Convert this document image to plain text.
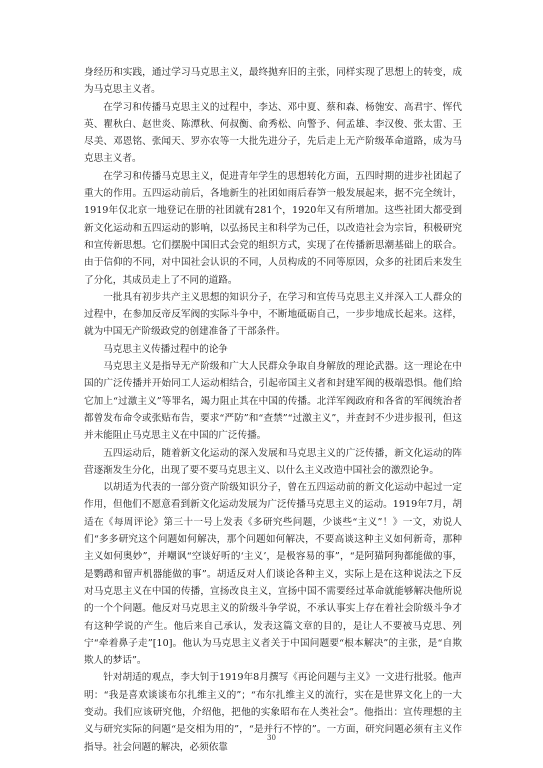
身经历和实践，通过学习马克思主义，最终抛弃旧的主张，同样实现了思想上的转变，成为马克思主义者。

在学习和传播马克思主义的过程中，李达、邓中夏、蔡和森、杨匏安、高君宇、恽代英、瞿秋白、赵世炎、陈潭秋、何叔衡、俞秀松、向警予、何孟雄、李汉俊、张太雷、王尽美、邓恩铭、张闻天、罗亦农等一大批先进分子，先后走上无产阶级革命道路，成为马克思主义者。

在学习和传播马克思主义，促进青年学生的思想转化方面，五四时期的进步社团起了重大的作用。五四运动前后，各地新生的社团如雨后春笋一般发展起来，据不完全统计，1919年仅北京一地登记在册的社团就有281个，1920年又有所增加。这些社团大都受到新文化运动和五四运动的影响，以弘扬民主和科学为己任，以改造社会为宗旨，积极研究和宣传新思想。它们摆脱中国旧式会党的组织方式，实现了在传播新思潮基础上的联合。由于信仰的不同，对中国社会认识的不同，人员构成的不同等原因，众多的社团后来发生了分化，其成员走上了不同的道路。

一批具有初步共产主义思想的知识分子，在学习和宣传马克思主义并深入工人群众的过程中，在参加反帝反军阀的实际斗争中，不断地砥砺自己，一步步地成长起来。这样，就为中国无产阶级政党的创建准备了干部条件。

马克思主义传播过程中的论争

马克思主义是指导无产阶级和广大人民群众争取自身解放的理论武器。这一理论在中国的广泛传播并开始同工人运动相结合，引起帝国主义者和封建军阀的极端恐惧。他们给它加上“过激主义”等罪名，竭力阻止其在中国的传播。北洋军阀政府和各省的军阀统治者都曾发布命令或张贴布告，要求“严防”和“查禁”“过激主义”，并查封不少进步报刊，但这并未能阻止马克思主义在中国的广泛传播。

五四运动后，随着新文化运动的深入发展和马克思主义的广泛传播，新文化运动的阵营逐渐发生分化，出现了要不要马克思主义、以什么主义改造中国社会的激烈论争。

以胡适为代表的一部分资产阶级知识分子，曾在五四运动前的新文化运动中起过一定作用，但他们不愿意看到新文化运动发展为广泛传播马克思主义的运动。1919年7月，胡适在《每周评论》第三十一号上发表《多研究些问题，少谈些“主义”！》一文，劝说人们“多多研究这个问题如何解决，那个问题如何解决，不要高谈这种主义如何新奇，那种主义如何奥妙”，并嘲讽“空谈好听的‘主义’，是极容易的事”，“是阿猫阿狗都能做的事，是鹦鹉和留声机器能做的事”。胡适反对人们谈论各种主义，实际上是在这种说法之下反对马克思主义在中国的传播，宣扬改良主义，宣扬中国不需要经过革命就能够解决他所说的一个个问题。他反对马克思主义的阶级斗争学说，不承认事实上存在着社会阶级斗争才有这种学说的产生。他后来自己承认，发表这篇文章的目的，是让人不要被马克思、列宁“牵着鼻子走”[10]。他认为马克思主义者关于中国问题要“根本解决”的主张，是“自欺欺人的梦话”。

针对胡适的观点，李大钊于1919年8月撰写《再论问题与主义》一文进行批驳。他声明：“我是喜欢谈谈布尔扎维主义的”；“布尔扎维主义的流行，实在是世界文化上的一大变动。我们应该研究他，介绍他，把他的实象昭布在人类社会”。他指出：宣传理想的主义与研究实际的问题“是交相为用的”，“是并行不悖的”。一方面，研究问题必须有主义作指导。社会问题的解决，必须依靠

30
